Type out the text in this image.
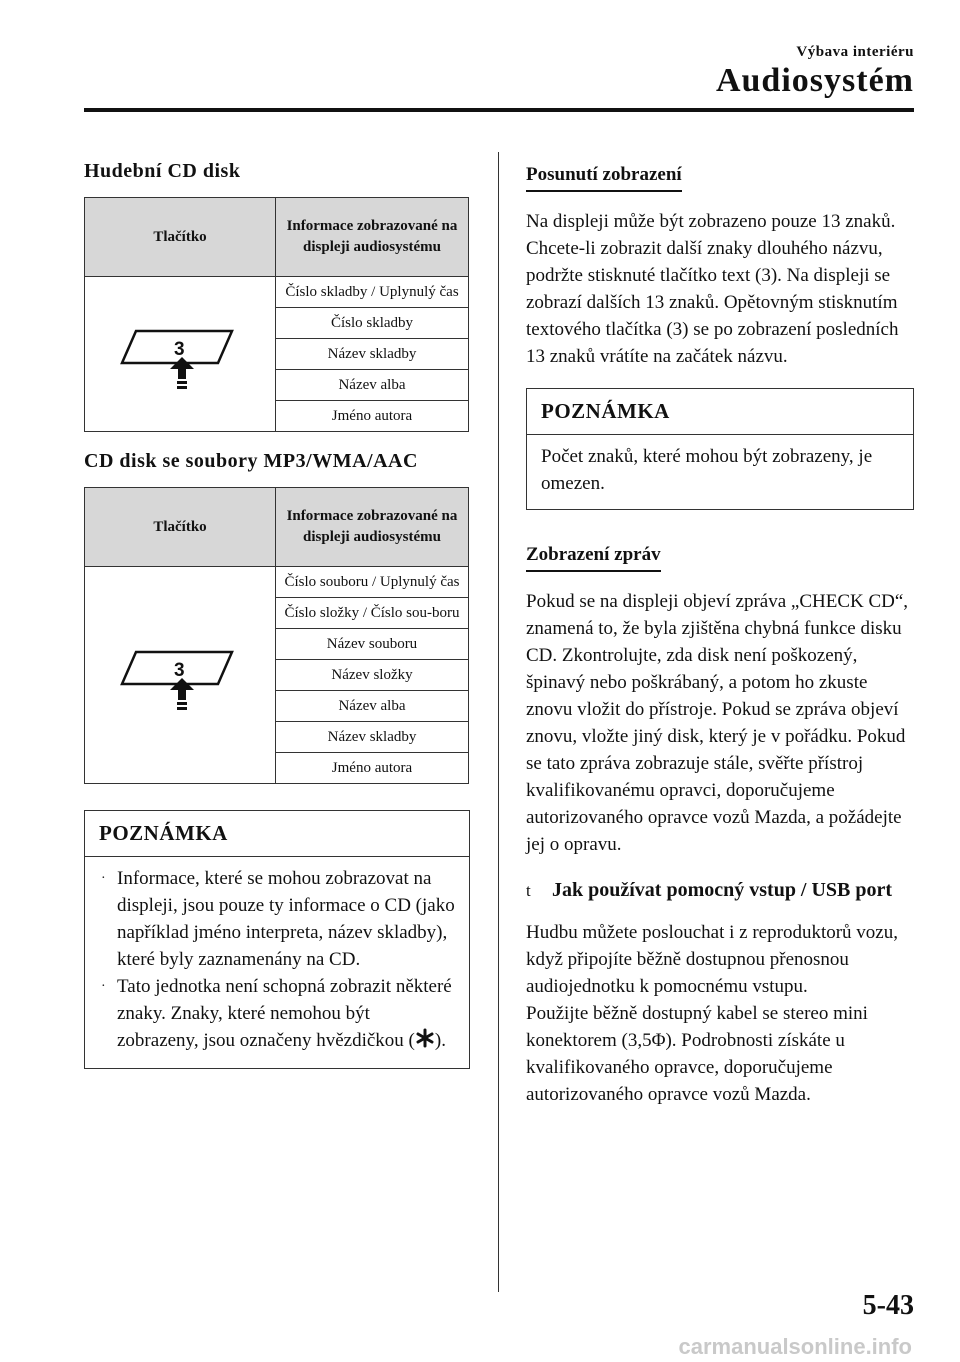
Výbava interiéru
Audiosystém
Hudební CD disk
Tlačítko	Informace zobrazované na displeji audiosystému

3	Číslo skladby / Uplynulý čas
	Číslo skladby
	Název skladby
	Název alba
	Jméno autora
CD disk se soubory MP3/WMA/AAC
Tlačítko	Informace zobrazované na displeji audiosystému

3	Číslo souboru / Uplynulý čas
	Číslo složky / Číslo sou-boru
	Název souboru
	Název složky
	Název alba
	Název skladby
	Jméno autora
POZNÁMKA
· Informace, které se mohou zobrazovat na displeji, jsou pouze ty informace o CD (jako například jméno interpreta, název skladby), které byly zaznamenány na CD.
· Tato jednotka není schopná zobrazit některé znaky. Znaky, které nemohou být zobrazeny, jsou označeny hvězdičkou ( ).
Posunutí zobrazení

Na displeji může být zobrazeno pouze 13 znaků. Chcete-li zobrazit další znaky dlouhého názvu, podržte stisknuté tlačítko text (3). Na displeji se zobrazí dalších 13 znaků. Opětovným stisknutím textového tlačítka (3) se po zobrazení posledních 13 znaků vrátíte na začátek názvu.

POZNÁMKA
Počet znaků, které mohou být zobrazeny, je omezen.
Zobrazení zpráv

Pokud se na displeji objeví zpráva „CHECK CD“, znamená to, že byla zjištěna chybná funkce disku CD. Zkontrolujte, zda disk není poškozený, špinavý nebo poškrábaný, a potom ho zkuste znovu vložit do přístroje. Pokud se zpráva objeví znovu, vložte jiný disk, který je v pořádku. Pokud se tato zpráva zobrazuje stále, svěřte přístroj kvalifikovanému opravci, doporučujeme autorizovaného opravce vozů Mazda, a požádejte jej o opravu.

t	Jak používat pomocný vstup / USB port

Hudbu můžete poslouchat i z reproduktorů vozu, když připojíte běžně dostupnou přenosnou audiojednotku k pomocnému vstupu.

Použijte běžně dostupný kabel se stereo mini konektorem (3,5Φ). Podrobnosti získáte u kvalifikovaného opravce, doporučujeme autorizovaného opravce vozů Mazda.

5-43
carmanualsonline.info
